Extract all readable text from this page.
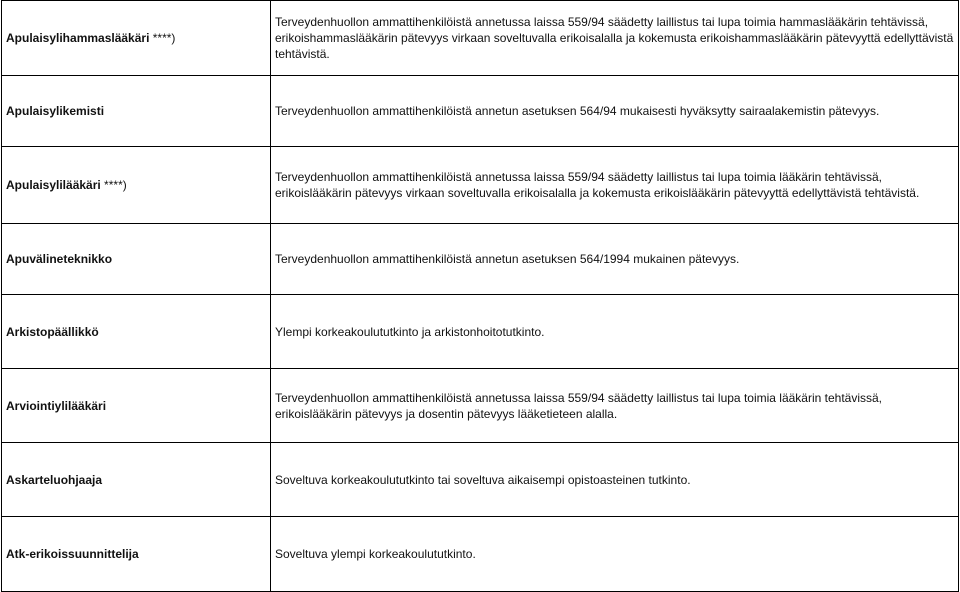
Apulaisylihammaslääkäri ****)	Terveydenhuollon ammattihenkilöistä annetussa laissa 559/94 säädetty laillistus tai lupa toimia hammaslääkärin tehtävissä, erikoishammaslääkärin pätevyys virkaan soveltuvalla erikoisalalla ja kokemusta erikoishammaslääkärin pätevyyttä edellyttävistä tehtävistä.
Apulaisylikemisti	Terveydenhuollon ammattihenkilöistä annetun asetuksen 564/94 mukaisesti hyväksytty sairaalakemistin pätevyys.
Apulaisylilääkäri ****)	Terveydenhuollon ammattihenkilöistä annetussa laissa 559/94 säädetty laillistus tai lupa toimia lääkärin tehtävissä, erikoislääkärin pätevyys virkaan soveltuvalla erikoisalalla ja kokemusta erikoislääkärin pätevyyttä edellyttävistä tehtävistä.
Apuvälineteknikko	Terveydenhuollon ammattihenkilöistä annetun asetuksen 564/1994 mukainen pätevyys.
Arkistopäällikkö	Ylempi korkeakoulututkinto ja arkistonhoitotutkinto.
Arviointiylilääkäri	Terveydenhuollon ammattihenkilöistä annetussa laissa 559/94 säädetty laillistus tai lupa toimia lääkärin tehtävissä, erikoislääkärin pätevyys ja dosentin pätevyys lääketieteen alalla.
Askarteluohjaaja	Soveltuva korkeakoulututkinto tai soveltuva aikaisempi opistoasteinen tutkinto.
Atk-erikoissuunnittelija	Soveltuva ylempi korkeakoulututkinto.
